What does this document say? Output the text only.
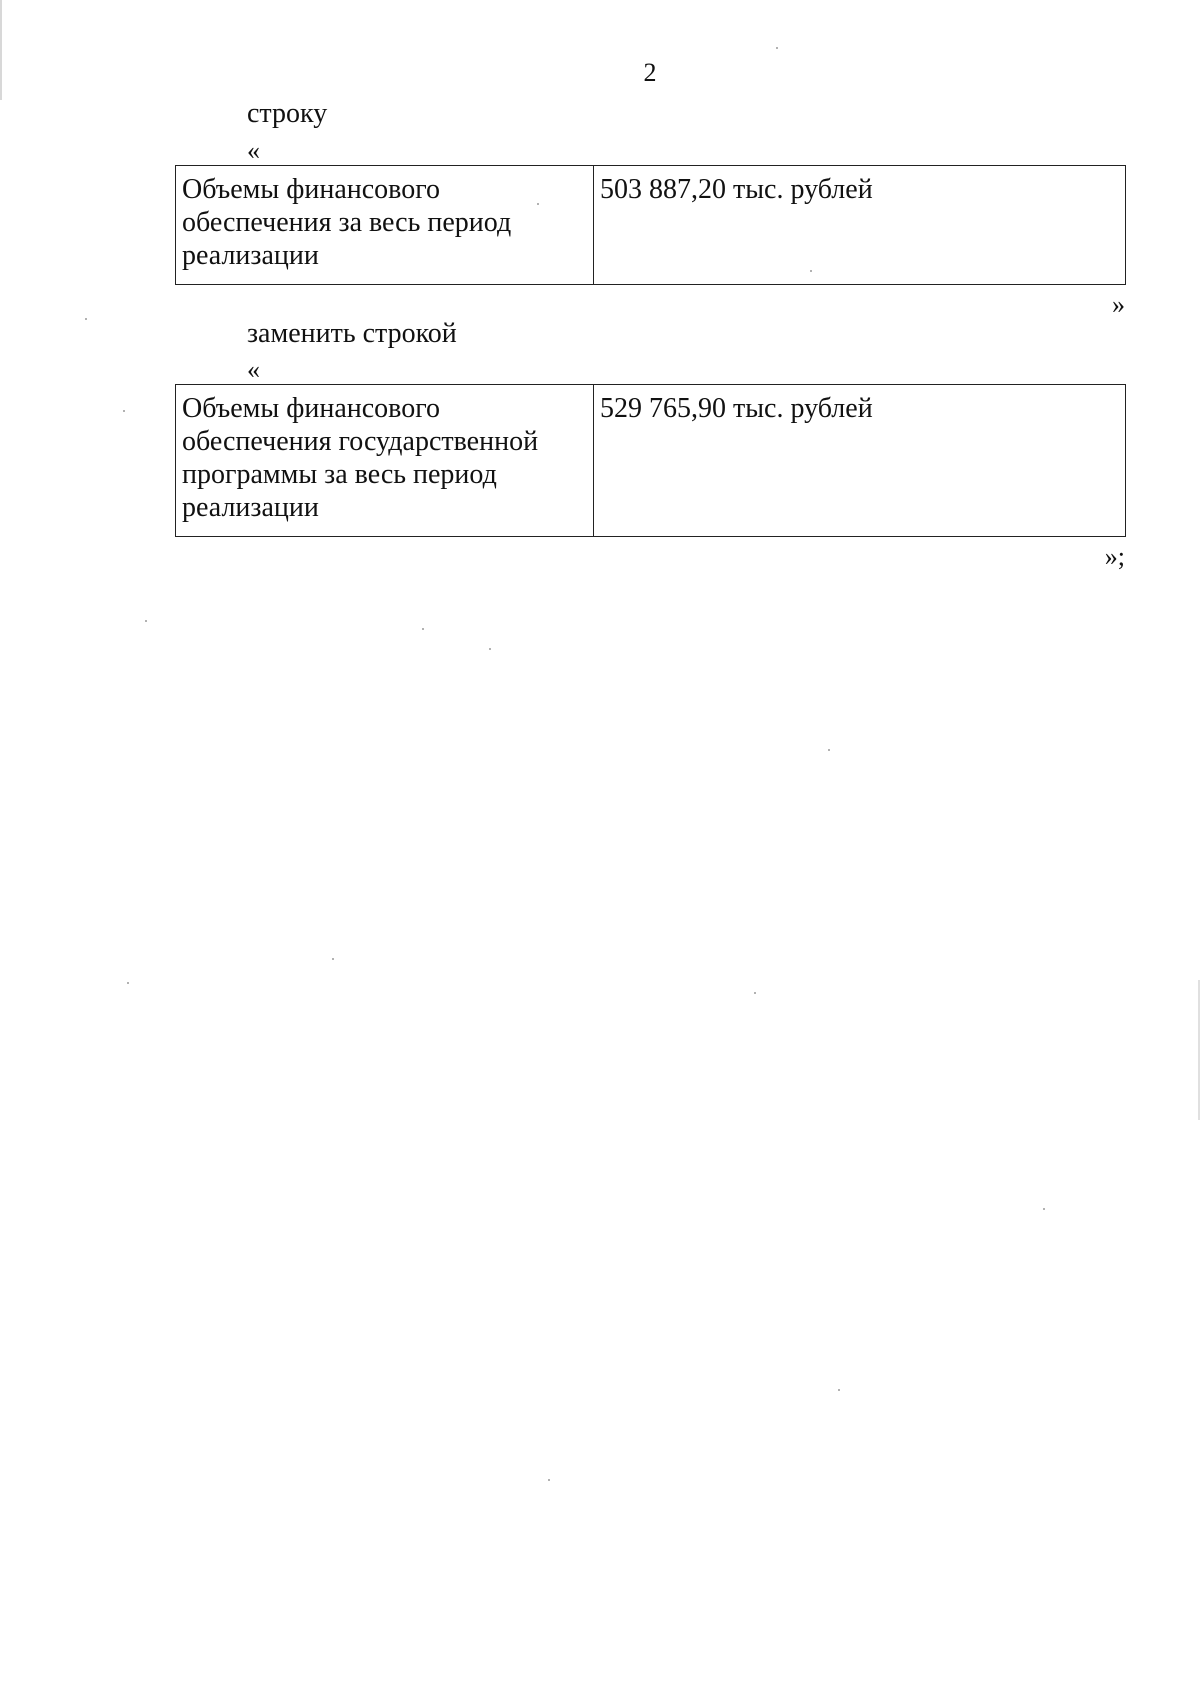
2

строку

«
Объемы финансового обеспечения за весь период реализации	503 887,20 тыс. рублей
»

заменить строкой

«
Объемы финансового обеспечения государственной программы за весь период реализации	529 765,90 тыс. рублей
»;
